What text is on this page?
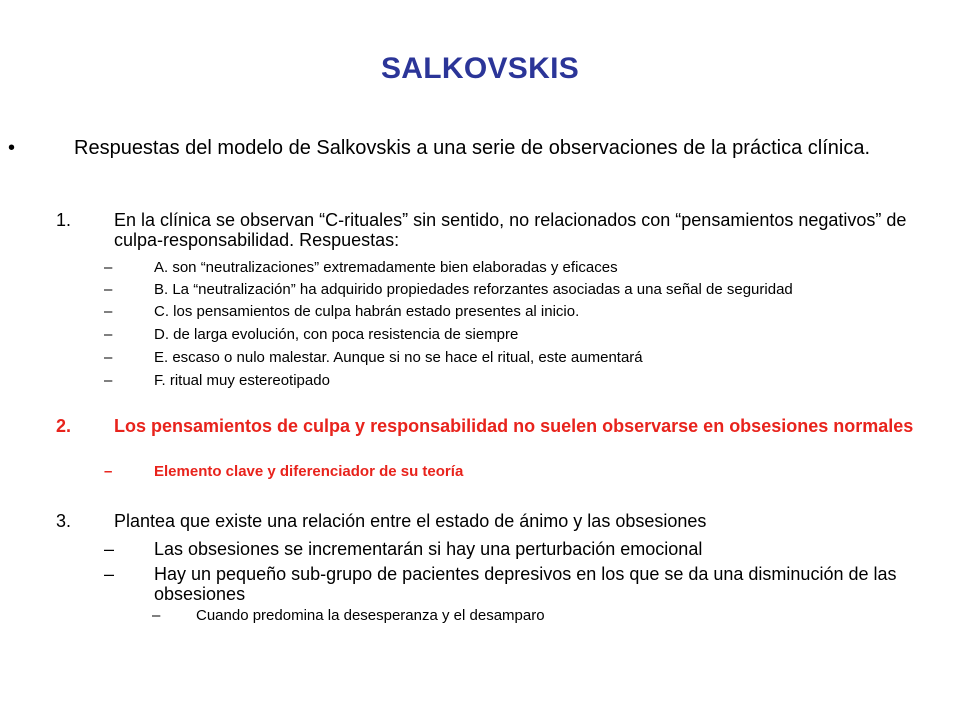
SALKOVSKIS
•	Respuestas del modelo de Salkovskis a una serie de observaciones de la práctica clínica.
1.	En la clínica se observan “C-rituales” sin sentido, no relacionados con “pensamientos negativos” de culpa-responsabilidad. Respuestas:
–	A. son “neutralizaciones” extremadamente bien elaboradas y eficaces
–	B. La “neutralización” ha adquirido propiedades reforzantes asociadas a una señal de seguridad
–	C. los pensamientos de culpa habrán estado presentes al inicio.
–	D. de larga evolución, con poca resistencia de siempre
–	E. escaso o nulo malestar. Aunque si no se hace el ritual, este aumentará
–	F. ritual muy estereotipado
2.	Los pensamientos de culpa y responsabilidad no suelen observarse en obsesiones normales
–	Elemento clave y diferenciador de su teoría
3.	Plantea que existe una relación entre el estado de ánimo y las obsesiones
–	Las obsesiones se incrementarán si hay una perturbación emocional
–	Hay un pequeño sub-grupo de pacientes depresivos en los que se da una disminución de las obsesiones
–	Cuando predomina la desesperanza y el desamparo
